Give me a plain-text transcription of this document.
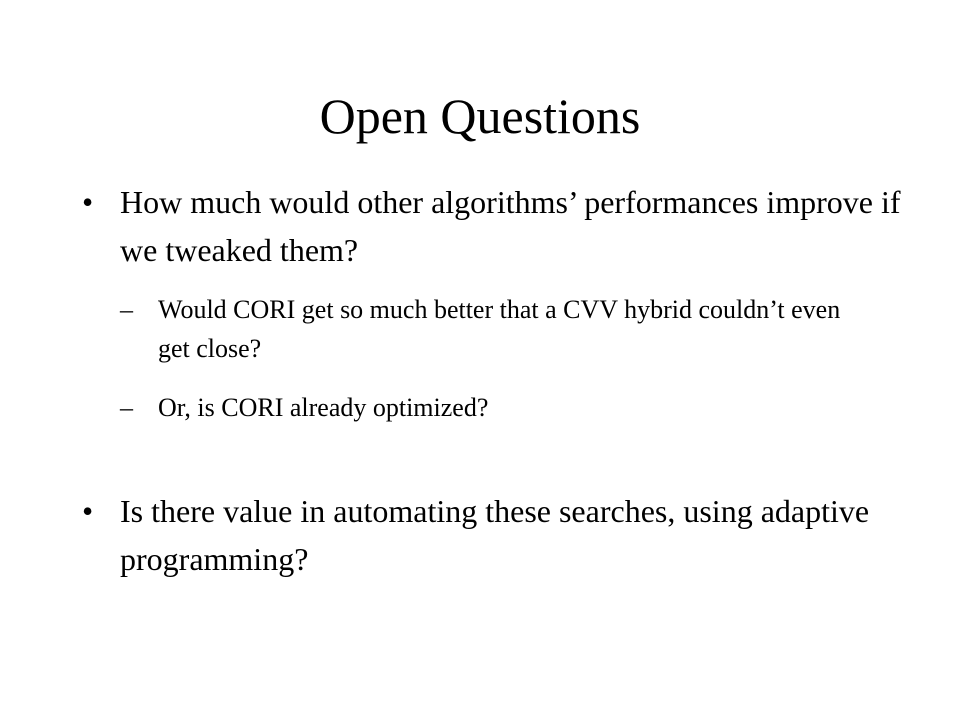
Open Questions
• How much would other algorithms’ performances improve if we tweaked them?
– Would CORI get so much better that a CVV hybrid couldn’t even get close?
– Or, is CORI already optimized?
• Is there value in automating these searches, using adaptive programming?
